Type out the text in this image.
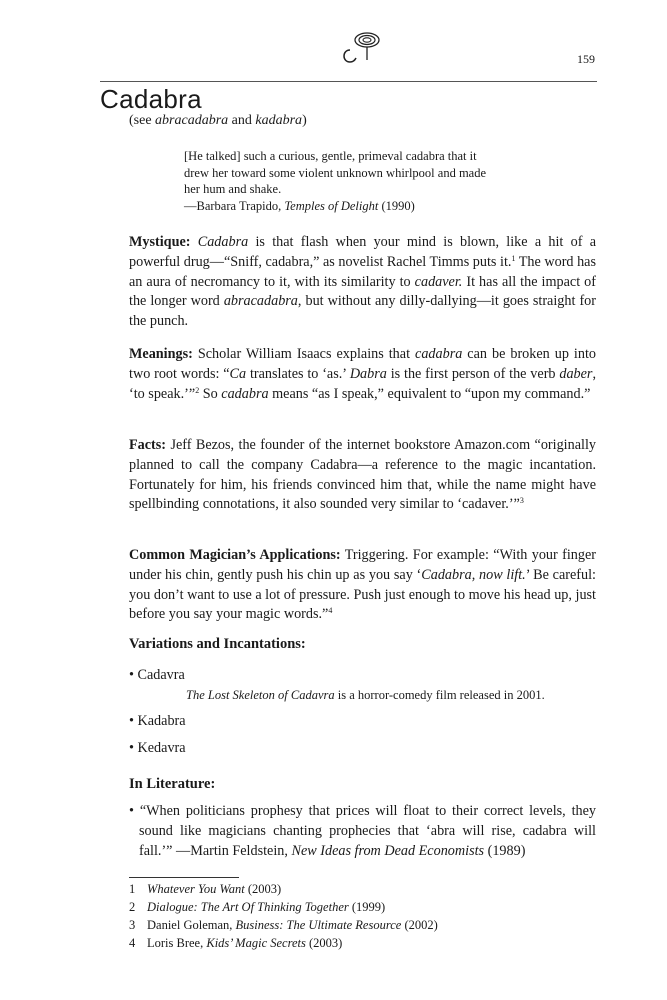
159
Cadabra
(see abracadabra and kadabra)
[He talked] such a curious, gentle, primeval cadabra that it
drew her toward some violent unknown whirlpool and made
her hum and shake.
—Barbara Trapido, Temples of Delight (1990)
Mystique: Cadabra is that flash when your mind is blown, like a hit of a powerful drug—“Sniff, cadabra,” as novelist Rachel Timms puts it.$^1$ The word has an aura of necromancy to it, with its similarity to cadaver. It has all the impact of the longer word abracadabra, but without any dilly-dallying—it goes straight for the punch.
Meanings: Scholar William Isaacs explains that cadabra can be broken up into two root words: “Ca translates to ‘as.’ Dabra is the first person of the verb daber, ‘to speak.’”$^2$ So cadabra means “as I speak,” equivalent to “upon my command.”
Facts: Jeff Bezos, the founder of the internet bookstore Amazon.com “originally planned to call the company Cadabra—a reference to the magic incantation. Fortunately for him, his friends convinced him that, while the name might have spellbinding connotations, it also sounded very similar to ‘cadaver.’”$^3$
Common Magician’s Applications: Triggering. For example: “With your finger under his chin, gently push his chin up as you say ‘Cadabra, now lift.’ Be careful: you don’t want to use a lot of pressure. Push just enough to move his head up, just before you say your magic words.”$^4$
Variations and Incantations:
• Cadavra
The Lost Skeleton of Cadavra is a horror-comedy film released in 2001.
• Kadabra
• Kedavra
In Literature:
• “When politicians prophesy that prices will float to their correct levels, they sound like magicians chanting prophecies that ‘abra will rise, cadabra will fall.’” —Martin Feldstein, New Ideas from Dead Economists (1989)
1 Whatever You Want (2003)
2 Dialogue: The Art Of Thinking Together (1999)
3 Daniel Goleman, Business: The Ultimate Resource (2002)
4 Loris Bree, Kids’ Magic Secrets (2003)
